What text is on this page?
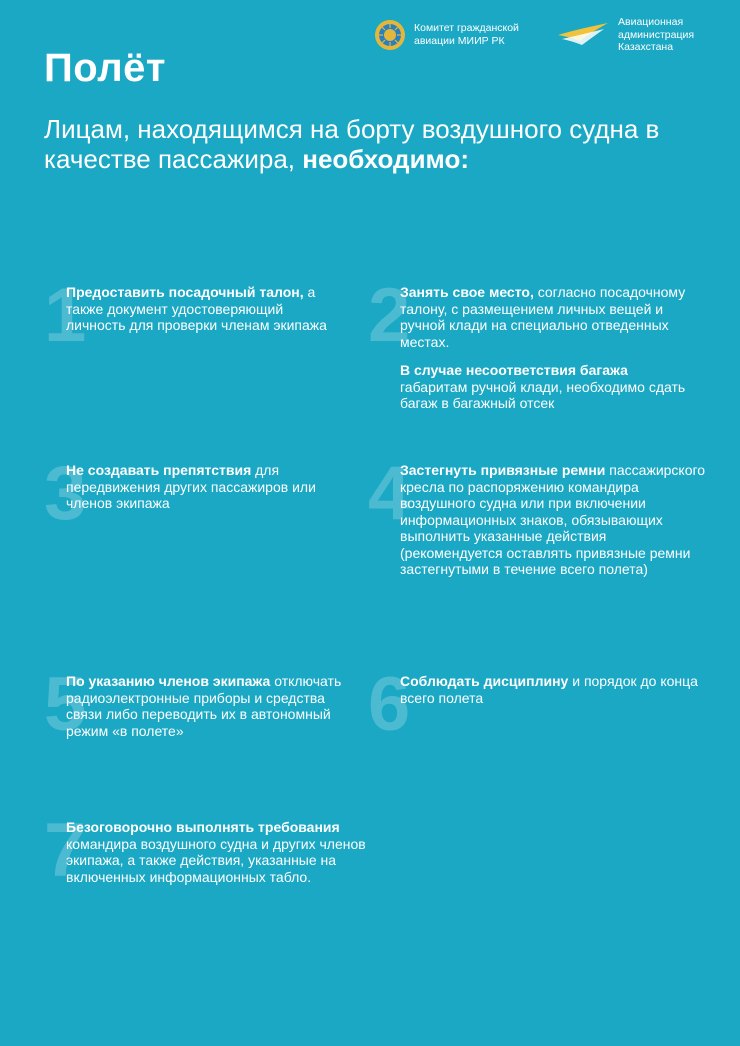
Комитет гражданской авиации МИИР РК
Авиационная администрация Казахстана
Полёт
Лицам, находящимся на борту воздушного судна в качестве пассажира, необходимо:
1
Предоставить посадочный талон, а также документ удостоверяющий личность для проверки членам экипажа 2
Занять свое место, согласно посадочному талону, с размещением личных вещей и ручной клади на специально отведенных местах.
В случае несоответствия багажа габаритам ручной клади, необходимо сдать багаж в багажный отсек
3
Не создавать препятствия для передвижения других пассажиров или членов экипажа	4
Застегнуть привязные ремни пассажирского кресла по распоряжению командира воздушного судна или при включении информационных знаков, обязывающих выполнить указанные действия (рекомендуется оставлять привязные ремни застегнутыми в течение всего полета)
5
По указанию членов экипажа отключать радиоэлектронные приборы и средства связи либо переводить их в автономный режим «в полете»	6
Соблюдать дисциплину и порядок до конца всего полета
7
Безоговорочно выполнять требования командира воздушного судна и других членов экипажа, а также действия, указанные на включенных информационных табло.
